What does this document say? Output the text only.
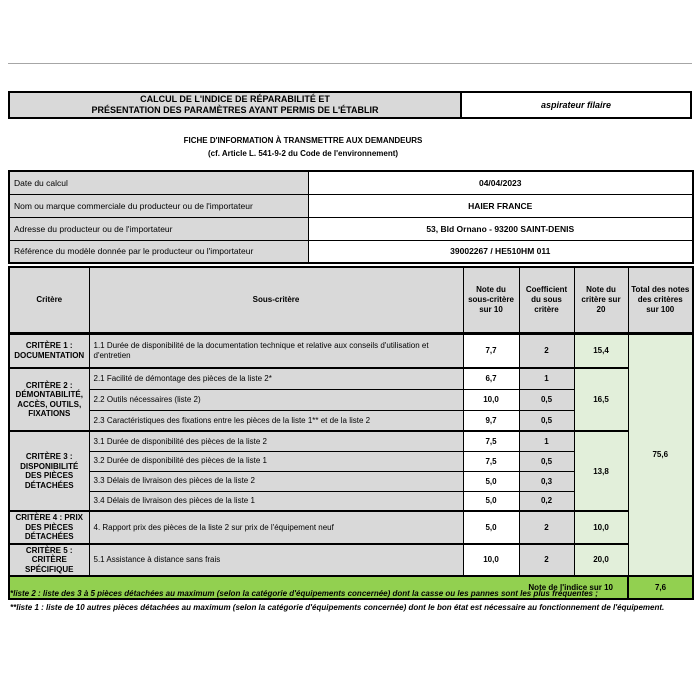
CALCUL DE L'INDICE DE RÉPARABILITÉ ET
PRÉSENTATION DES PARAMÈTRES AYANT PERMIS DE L'ÉTABLIR	aspirateur filaire
FICHE D'INFORMATION À TRANSMETTRE AUX DEMANDEURS
(cf. Article L. 541-9-2 du Code de l'environnement)
Date du calcul	04/04/2023
Nom ou marque commerciale du producteur ou de l'importateur	HAIER FRANCE
Adresse du producteur ou de l'importateur	53, Bld Ornano - 93200 SAINT-DENIS
Référence du modèle donnée par le producteur ou l'importateur	39002267 / HE510HM 011
Critère	Sous-critère	Note du sous-critère sur 10	Coefficient du sous critère	Note du critère sur 20	Total des notes des critères sur 100
CRITÈRE 1 : DOCUMENTATION	1.1 Durée de disponibilité de la documentation technique et relative aux conseils d'utilisation et d'entretien	7,7	2	15,4	75,6
CRITÈRE 2 : DÉMONTABILITÉ, ACCÈS, OUTILS, FIXATIONS	2.1 Facilité de démontage des pièces de la liste 2*	6,7	1	16,5	
	2.2 Outils nécessaires (liste 2)	10,0	0,5		
	2.3 Caractéristiques des fixations entre les pièces de la liste 1** et de la liste 2	9,7	0,5		
CRITÈRE 3 : DISPONIBILITÉ DES PIÈCES DÉTACHÉES	3.1 Durée de disponibilité des pièces de la liste 2	7,5	1	13,8	
	3.2 Durée de disponibilité des pièces de la liste 1	7,5	0,5		
	3.3 Délais de livraison des pièces de la liste 2	5,0	0,3		
	3.4 Délais de livraison des pièces de la liste 1	5,0	0,2		
CRITÈRE 4 : PRIX DES PIÈCES DÉTACHÉES	4. Rapport prix des pièces de la liste 2 sur prix de l'équipement neuf	5,0	2	10,0	
CRITÈRE 5 : CRITÈRE SPÉCIFIQUE	5.1 Assistance à distance sans frais	10,0	2	20,0	
Note de l'indice sur 10					7,6
*liste 2 : liste des 3 à 5 pièces détachées au maximum (selon la catégorie d'équipements concernée) dont la casse ou les pannes sont les plus fréquentes ;
**liste 1 : liste de 10 autres pièces détachées au maximum (selon la catégorie d'équipements concernée) dont le bon état est nécessaire au fonctionnement de l'équipement.
